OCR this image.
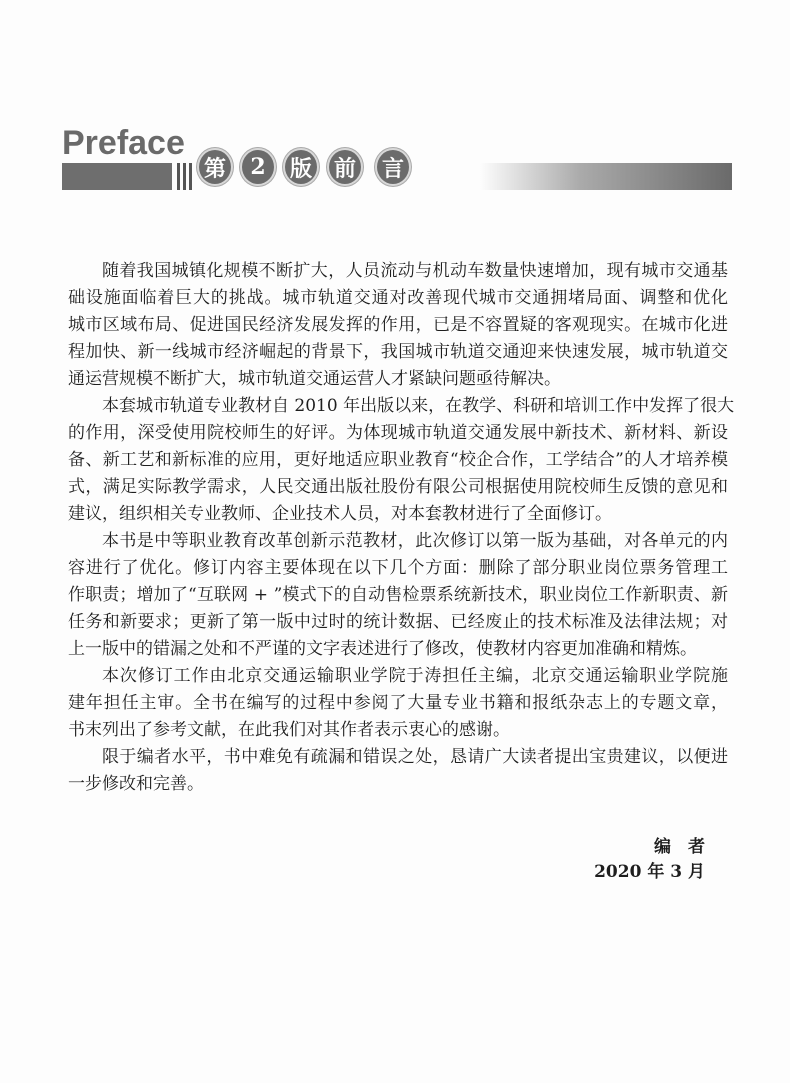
Preface
第	2	版 前	言
随着我国城镇化规模不断扩大，人员流动与机动车数量快速增加，现有城市交通基
础设施面临着巨大的挑战。城市轨道交通对改善现代城市交通拥堵局面、调整和优化
城市区域布局、促进国民经济发展发挥的作用，已是不容置疑的客观现实。在城市化进
程加快、新一线城市经济崛起的背景下，我国城市轨道交通迎来快速发展，城市轨道交
通运营规模不断扩大，城市轨道交通运营人才紧缺问题亟待解决。
本套城市轨道专业教材自 2010 年出版以来，在教学、科研和培训工作中发挥了很大
的作用，深受使用院校师生的好评。为体现城市轨道交通发展中新技术、新材料、新设
备、新工艺和新标准的应用，更好地适应职业教育“校企合作，工学结合”的人才培养模
式，满足实际教学需求，人民交通出版社股份有限公司根据使用院校师生反馈的意见和
建议，组织相关专业教师、企业技术人员，对本套教材进行了全面修订。
本书是中等职业教育改革创新示范教材，此次修订以第一版为基础，对各单元的内
容进行了优化。修订内容主要体现在以下几个方面：删除了部分职业岗位票务管理工
作职责；增加了“互联网 + ”模式下的自动售检票系统新技术，职业岗位工作新职责、新
任务和新要求；更新了第一版中过时的统计数据、已经废止的技术标准及法律法规；对
上一版中的错漏之处和不严谨的文字表述进行了修改，使教材内容更加准确和精炼。
本次修订工作由北京交通运输职业学院于涛担任主编，北京交通运输职业学院施
建年担任主审。全书在编写的过程中参阅了大量专业书籍和报纸杂志上的专题文章，
书末列出了参考文献，在此我们对其作者表示衷心的感谢。
限于编者水平，书中难免有疏漏和错误之处，恳请广大读者提出宝贵建议，以便进
一步修改和完善。
编　者
2020 年 3 月
